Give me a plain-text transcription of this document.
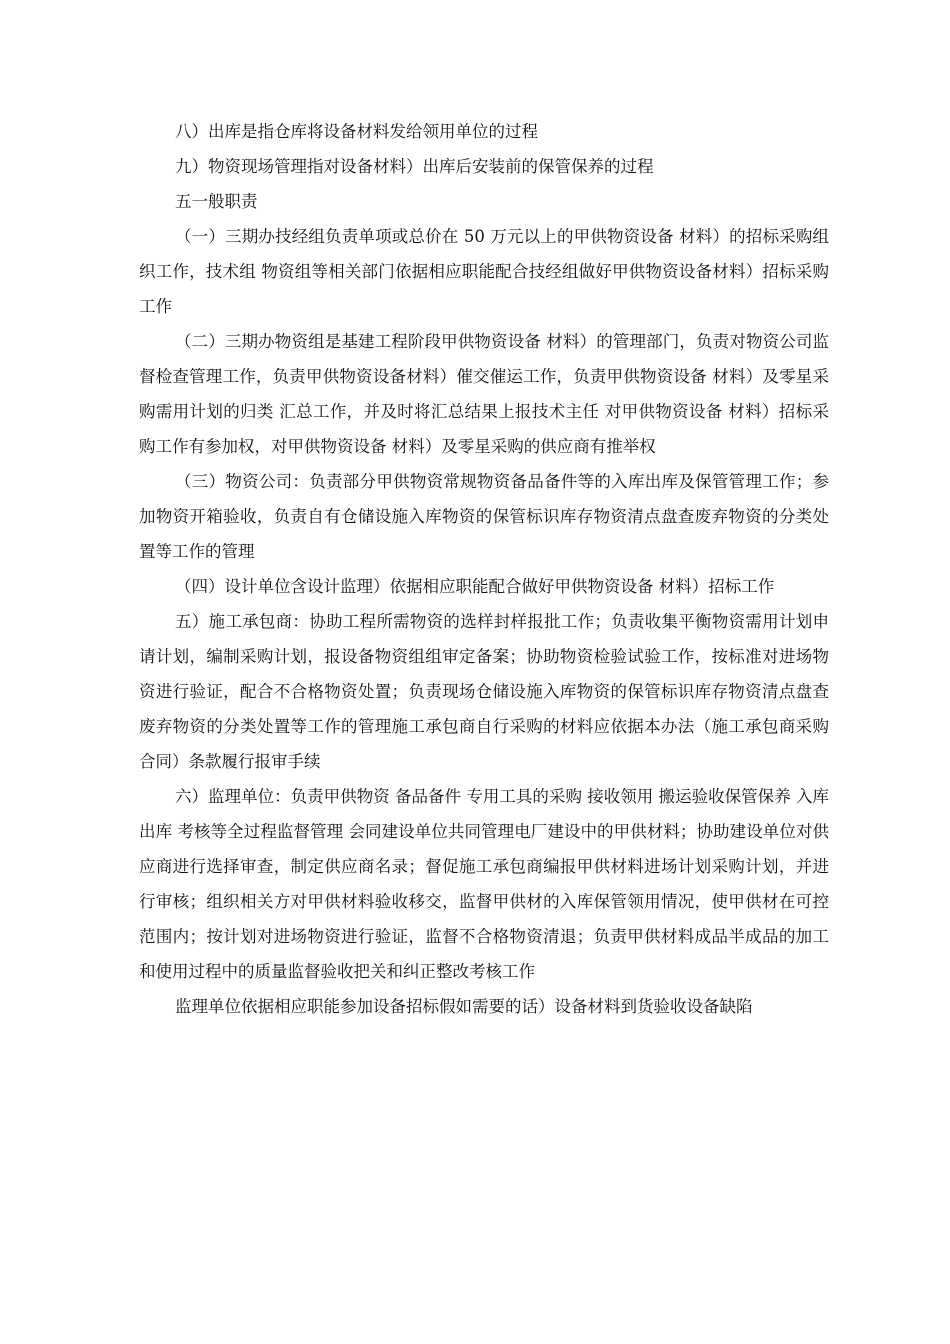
八）出库是指仓库将设备材料发给领用单位的过程

九）物资现场管理指对设备材料）出库后安装前的保管保养的过程

五一般职责

（一）三期办技经组负责单项或总价在 50 万元以上的甲供物资设备 材料）的招标采购组织工作，技术组 物资组等相关部门依据相应职能配合技经组做好甲供物资设备材料）招标采购工作

（二）三期办物资组是基建工程阶段甲供物资设备 材料）的管理部门，负责对物资公司监督检查管理工作，负责甲供物资设备材料）催交催运工作，负责甲供物资设备 材料）及零星采购需用计划的归类 汇总工作，并及时将汇总结果上报技术主任 对甲供物资设备 材料）招标采购工作有参加权，对甲供物资设备 材料）及零星采购的供应商有推举权

（三）物资公司：负责部分甲供物资常规物资备品备件等的入库出库及保管管理工作；参加物资开箱验收，负责自有仓储设施入库物资的保管标识库存物资清点盘查废弃物资的分类处置等工作的管理

（四）设计单位含设计监理）依据相应职能配合做好甲供物资设备 材料）招标工作

五）施工承包商：协助工程所需物资的选样封样报批工作；负责收集平衡物资需用计划申请计划，编制采购计划，报设备物资组组审定备案；协助物资检验试验工作，按标准对进场物资进行验证，配合不合格物资处置；负责现场仓储设施入库物资的保管标识库存物资清点盘查废弃物资的分类处置等工作的管理施工承包商自行采购的材料应依据本办法（施工承包商采购合同）条款履行报审手续

六）监理单位：负责甲供物资 备品备件 专用工具的采购 接收领用 搬运验收保管保养 入库出库 考核等全过程监督管理 会同建设单位共同管理电厂建设中的甲供材料；协助建设单位对供应商进行选择审查，制定供应商名录；督促施工承包商编报甲供材料进场计划采购计划，并进行审核；组织相关方对甲供材料验收移交，监督甲供材的入库保管领用情况，使甲供材在可控范围内；按计划对进场物资进行验证，监督不合格物资清退；负责甲供材料成品半成品的加工和使用过程中的质量监督验收把关和纠正整改考核工作

监理单位依据相应职能参加设备招标假如需要的话）设备材料到货验收设备缺陷
